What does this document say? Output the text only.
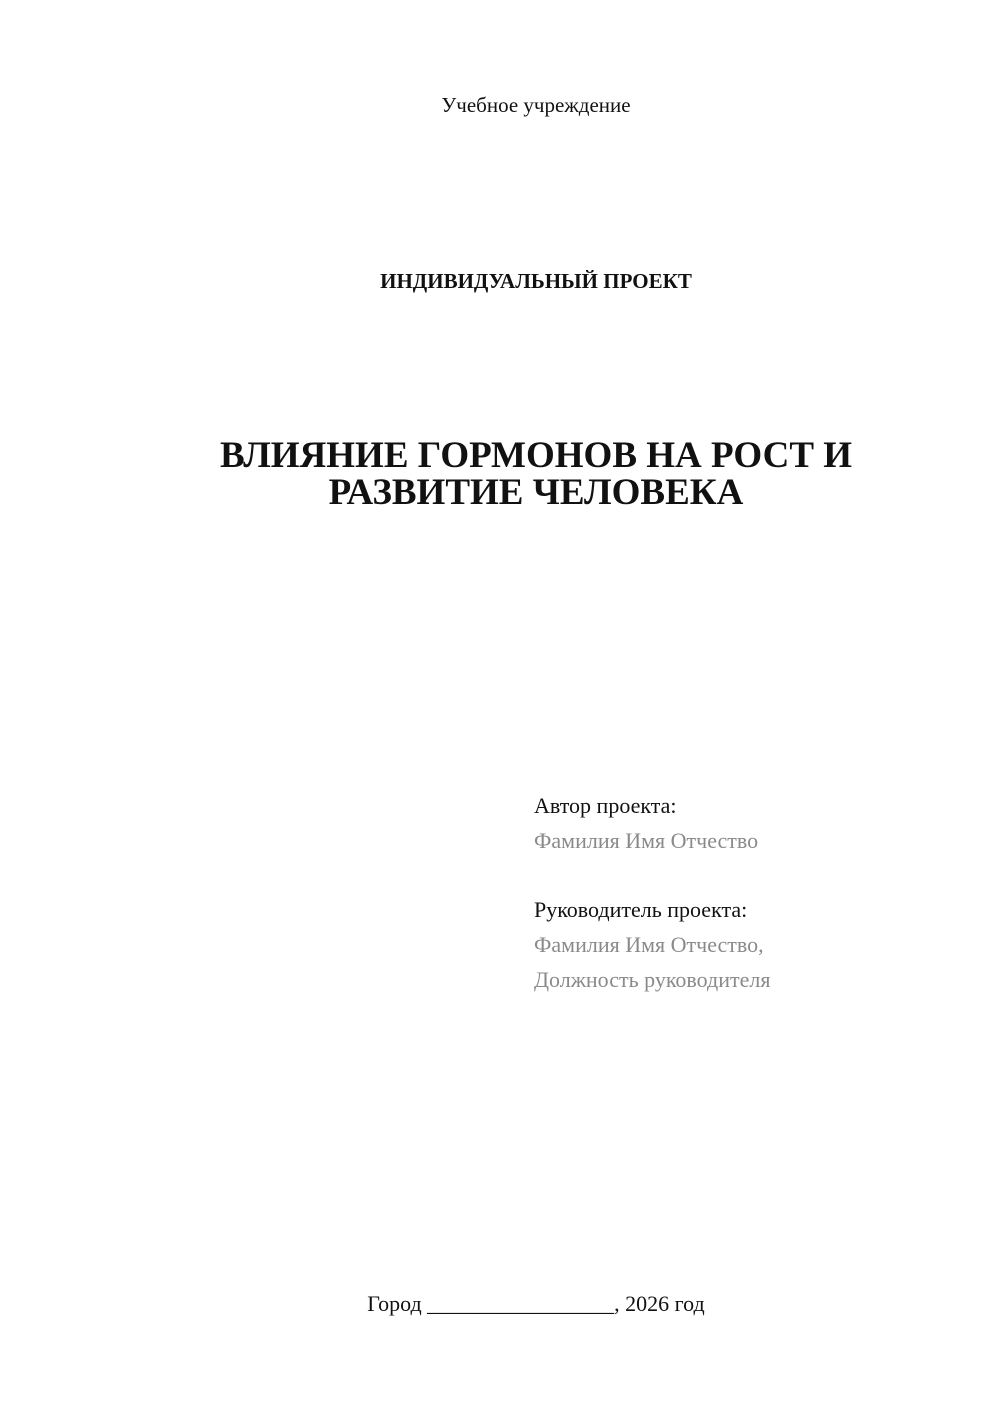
Учебное учреждение
ИНДИВИДУАЛЬНЫЙ ПРОЕКТ
ВЛИЯНИЕ ГОРМОНОВ НА РОСТ И
РАЗВИТИЕ ЧЕЛОВЕКА
Автор проекта:
Фамилия Имя Отчество
Руководитель проекта:
Фамилия Имя Отчество,
Должность руководителя
Город _________________, 2026 год
